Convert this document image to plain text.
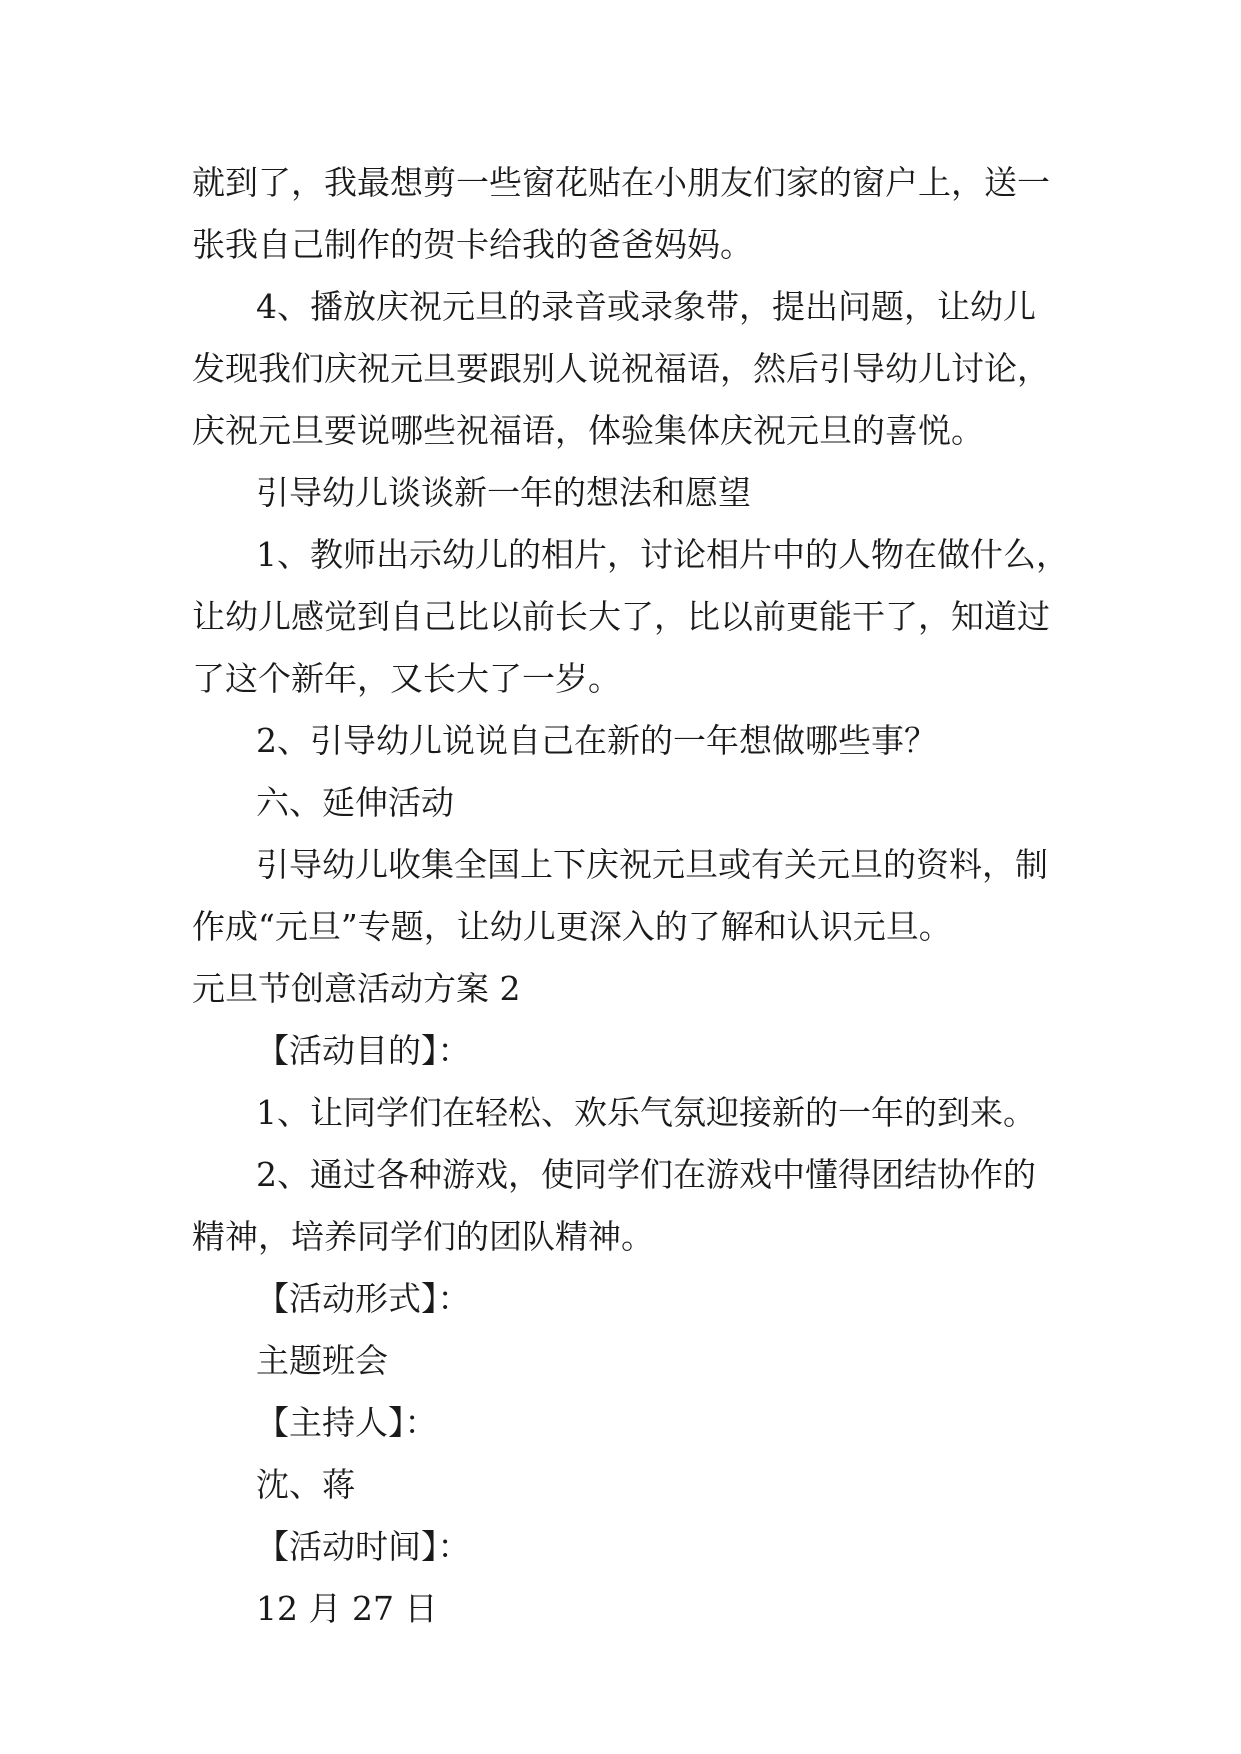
就到了，我最想剪一些窗花贴在小朋友们家的窗户上，送一

张我自己制作的贺卡给我的爸爸妈妈。

4、播放庆祝元旦的录音或录象带，提出问题，让幼儿

发现我们庆祝元旦要跟别人说祝福语，然后引导幼儿讨论，

庆祝元旦要说哪些祝福语，体验集体庆祝元旦的喜悦。

引导幼儿谈谈新一年的想法和愿望

1、教师出示幼儿的相片，讨论相片中的人物在做什么，

让幼儿感觉到自己比以前长大了，比以前更能干了，知道过

了这个新年，又长大了一岁。

2、引导幼儿说说自己在新的一年想做哪些事？

六、延伸活动

引导幼儿收集全国上下庆祝元旦或有关元旦的资料，制

作成“元旦”专题，让幼儿更深入的了解和认识元旦。

元旦节创意活动方案 2

【活动目的】：

1、让同学们在轻松、欢乐气氛迎接新的一年的到来。

2、通过各种游戏，使同学们在游戏中懂得团结协作的

精神，培养同学们的团队精神。

【活动形式】：

主题班会

【主持人】：

沈、蒋

【活动时间】：

12 月 27 日
